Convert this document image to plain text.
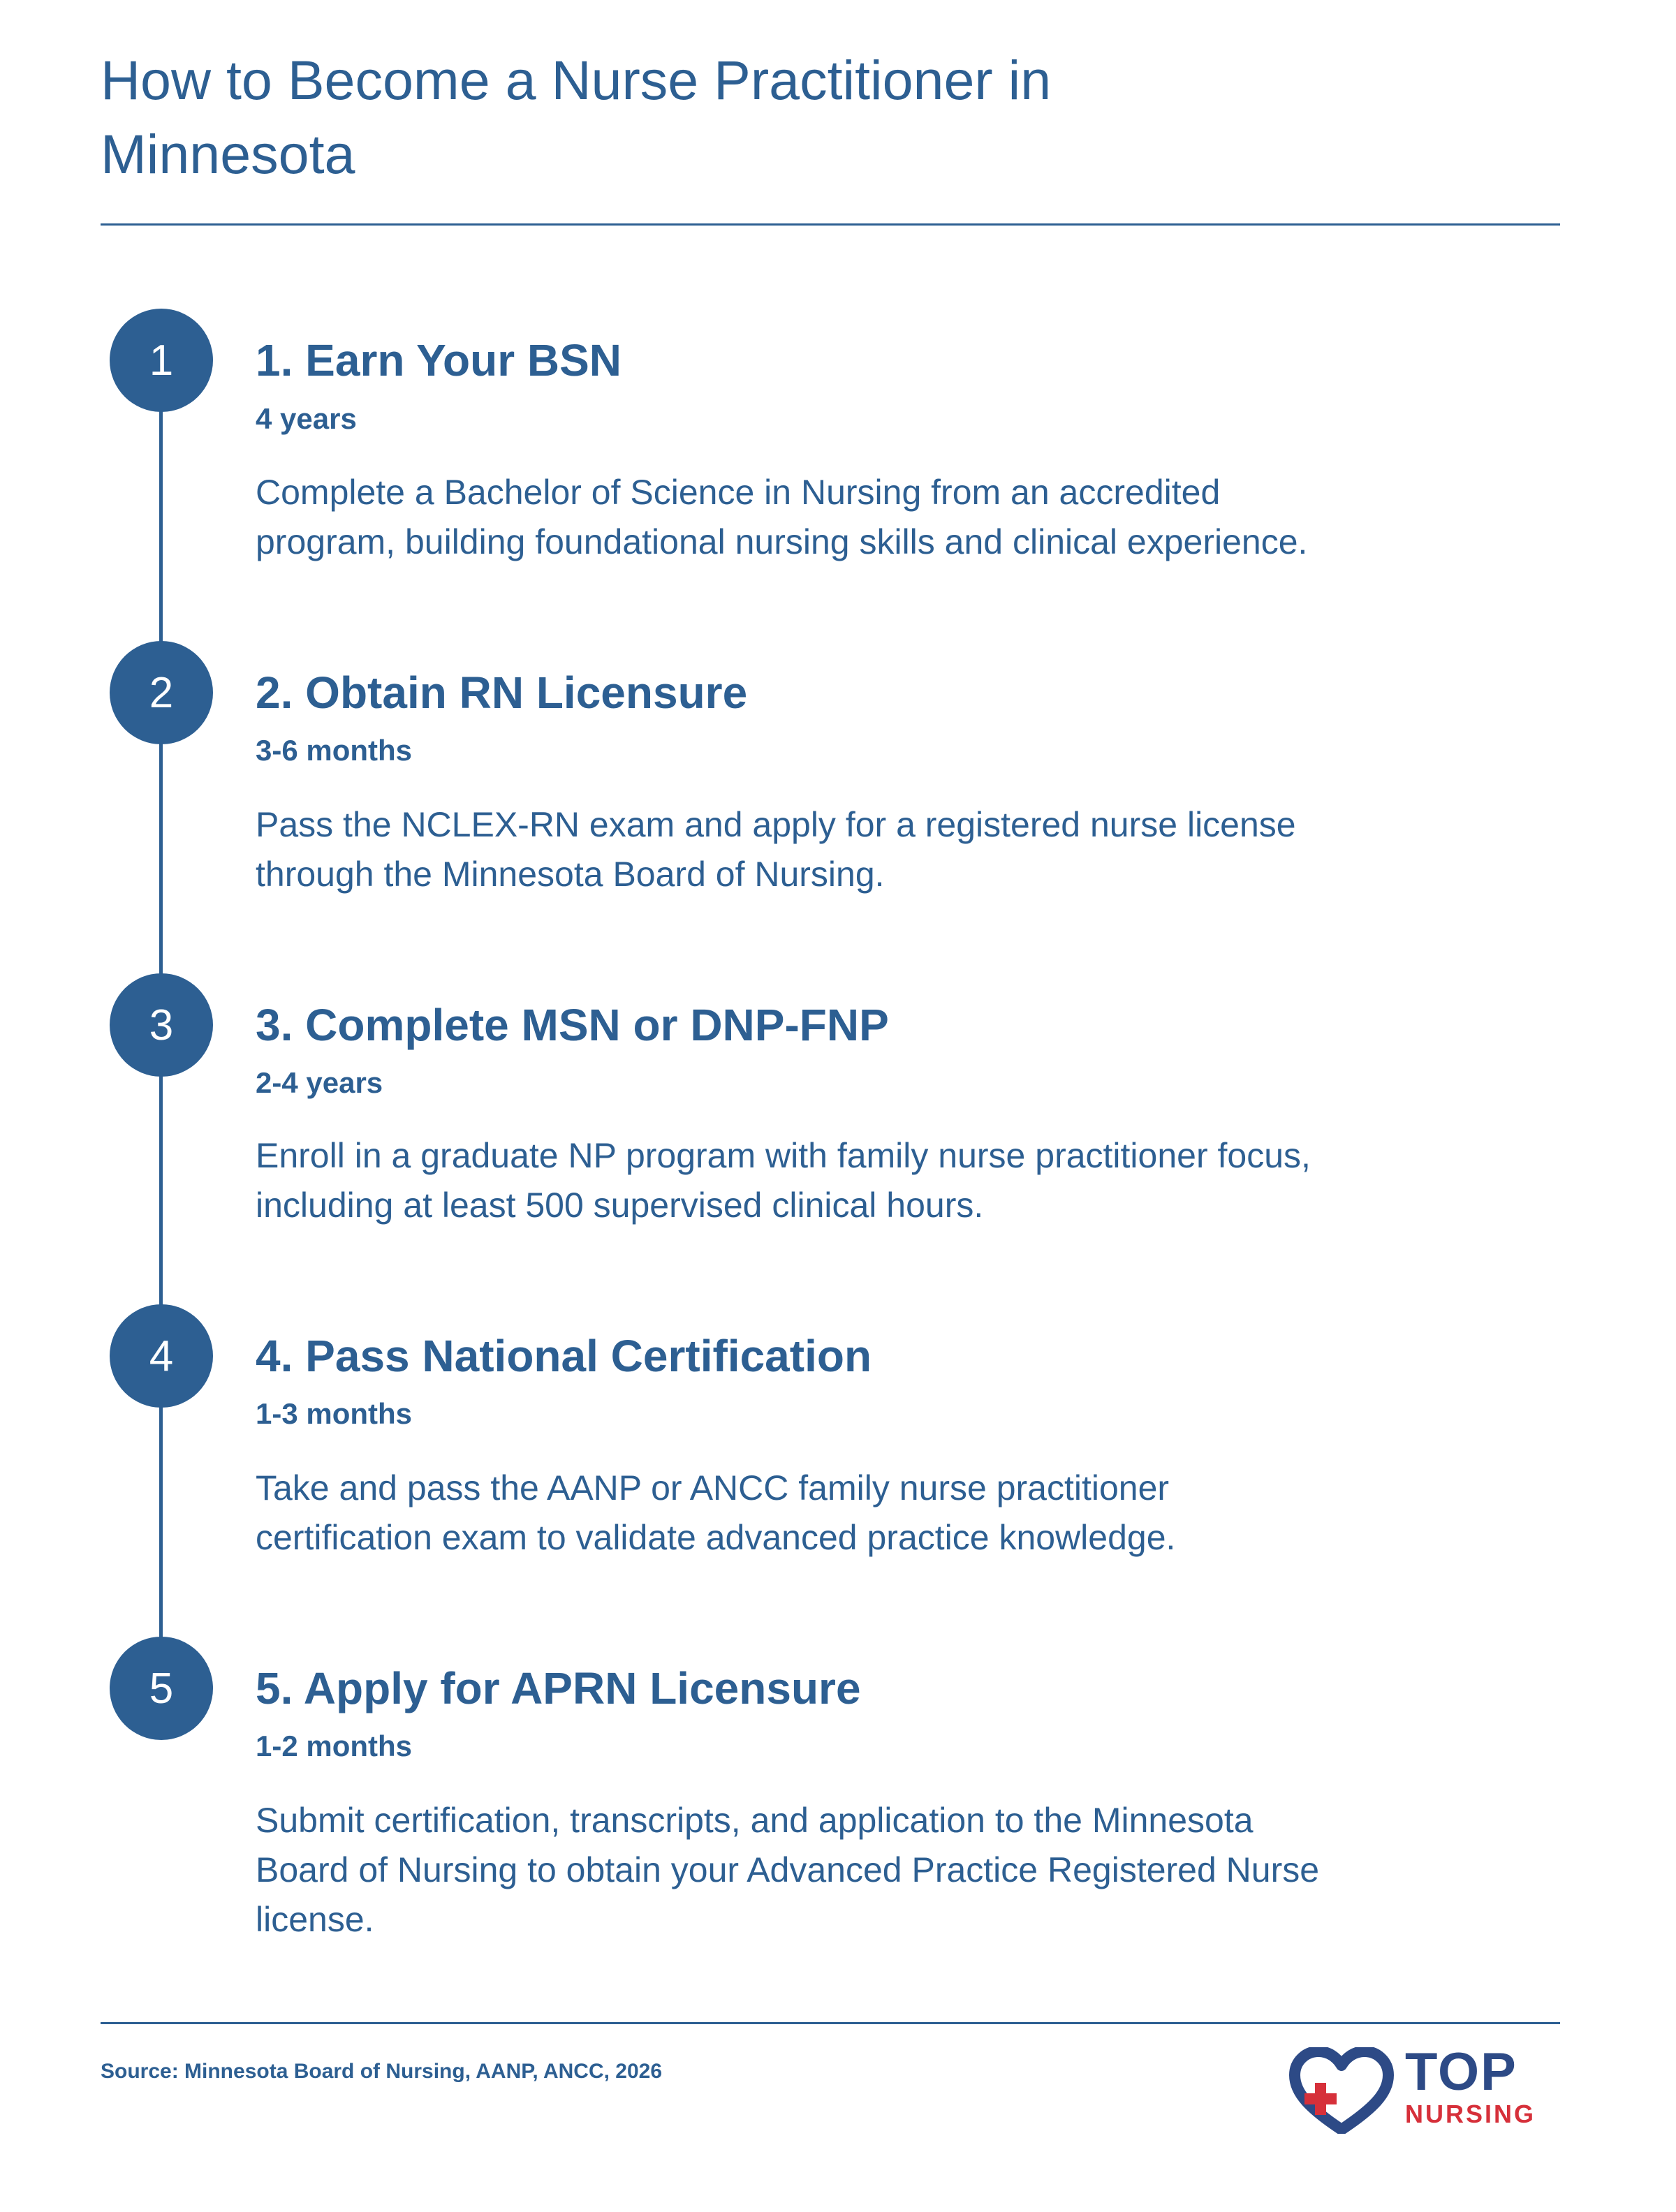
How to Become a Nurse Practitioner in Minnesota
1	1. Earn Your BSN
4 years
Complete a Bachelor of Science in Nursing from an accredited program, building foundational nursing skills and clinical experience.
2	2. Obtain RN Licensure
3-6 months
Pass the NCLEX-RN exam and apply for a registered nurse license through the Minnesota Board of Nursing.
3	3. Complete MSN or DNP-FNP
2-4 years
Enroll in a graduate NP program with family nurse practitioner focus, including at least 500 supervised clinical hours.
4	4. Pass National Certification
1-3 months
Take and pass the AANP or ANCC family nurse practitioner certification exam to validate advanced practice knowledge.
5	5. Apply for APRN Licensure
1-2 months
Submit certification, transcripts, and application to the Minnesota Board of Nursing to obtain your Advanced Practice Registered Nurse license.
Source: Minnesota Board of Nursing, AANP, ANCC, 2026	TOP
NURSING
